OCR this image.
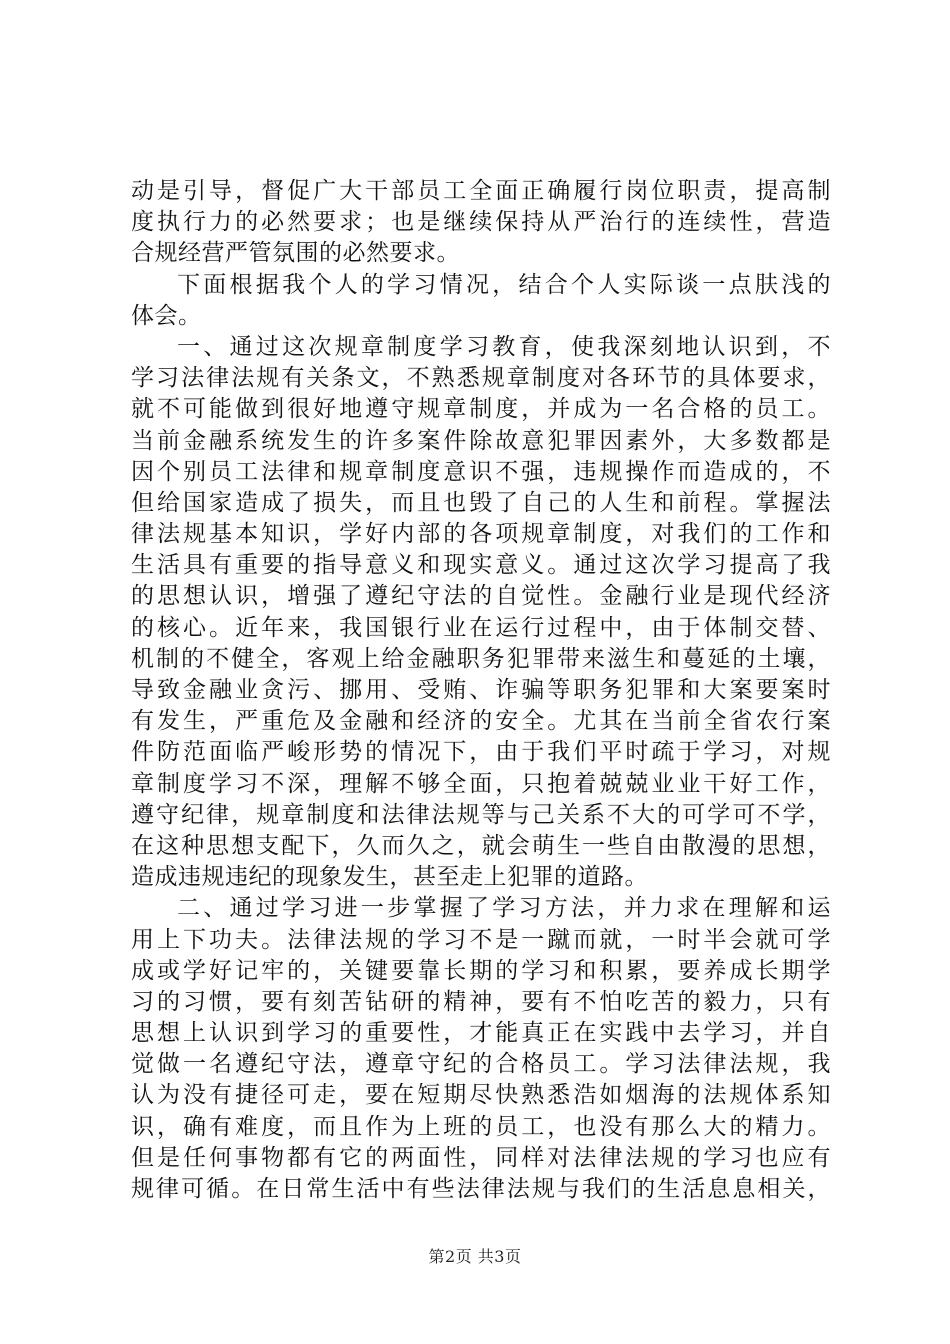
动是引导，督促广大干部员工全面正确履行岗位职责，提高制
度执行力的必然要求；也是继续保持从严治行的连续性，营造
合规经营严管氛围的必然要求。
下面根据我个人的学习情况，结合个人实际谈一点肤浅的
体会。
一、通过这次规章制度学习教育，使我深刻地认识到，不
学习法律法规有关条文，不熟悉规章制度对各环节的具体要求，
就不可能做到很好地遵守规章制度，并成为一名合格的员工。
当前金融系统发生的许多案件除故意犯罪因素外，大多数都是
因个别员工法律和规章制度意识不强，违规操作而造成的，不
但给国家造成了损失，而且也毁了自己的人生和前程。掌握法
律法规基本知识，学好内部的各项规章制度，对我们的工作和
生活具有重要的指导意义和现实意义。通过这次学习提高了我
的思想认识，增强了遵纪守法的自觉性。金融行业是现代经济
的核心。近年来，我国银行业在运行过程中，由于体制交替、
机制的不健全，客观上给金融职务犯罪带来滋生和蔓延的土壤，
导致金融业贪污、挪用、受贿、诈骗等职务犯罪和大案要案时
有发生，严重危及金融和经济的安全。尤其在当前全省农行案
件防范面临严峻形势的情况下，由于我们平时疏于学习，对规
章制度学习不深，理解不够全面，只抱着兢兢业业干好工作，
遵守纪律，规章制度和法律法规等与己关系不大的可学可不学，
在这种思想支配下，久而久之，就会萌生一些自由散漫的思想，
造成违规违纪的现象发生，甚至走上犯罪的道路。
二、通过学习进一步掌握了学习方法，并力求在理解和运
用上下功夫。法律法规的学习不是一蹴而就，一时半会就可学
成或学好记牢的，关键要靠长期的学习和积累，要养成长期学
习的习惯，要有刻苦钻研的精神，要有不怕吃苦的毅力，只有
思想上认识到学习的重要性，才能真正在实践中去学习，并自
觉做一名遵纪守法，遵章守纪的合格员工。学习法律法规，我
认为没有捷径可走，要在短期尽快熟悉浩如烟海的法规体系知
识，确有难度，而且作为上班的员工，也没有那么大的精力。
但是任何事物都有它的两面性，同样对法律法规的学习也应有
规律可循。在日常生活中有些法律法规与我们的生活息息相关，
第2页 共3页
